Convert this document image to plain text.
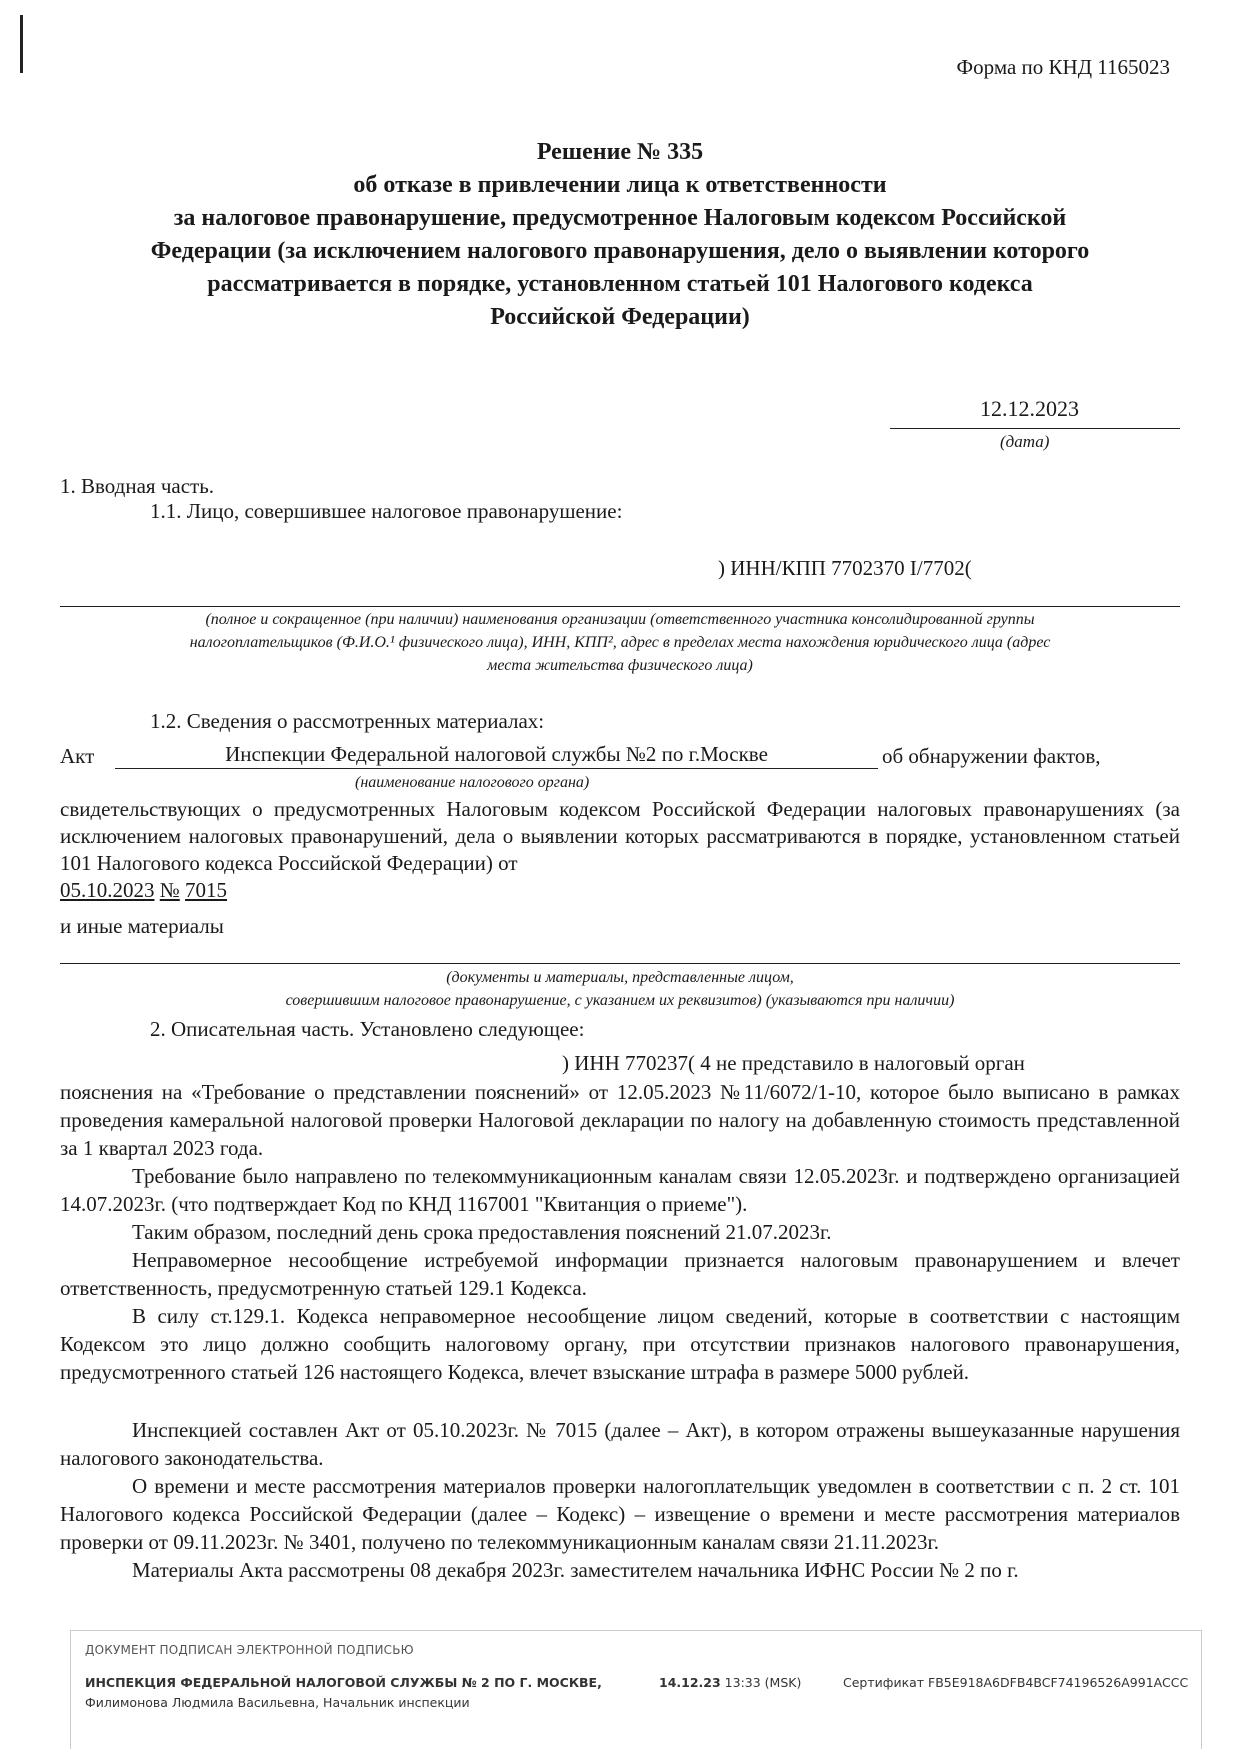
Форма по КНД 1165023
Решение № 335
об отказе в привлечении лица к ответственности
за налоговое правонарушение, предусмотренное Налоговым кодексом Российской
Федерации (за исключением налогового правонарушения, дело о выявлении которого
рассматривается в порядке, установленном статьей 101 Налогового кодекса
Российской Федерации)
12.12.2023
(дата)
1. Вводная часть.
1.1. Лицо, совершившее налоговое правонарушение:
) ИНН/КПП 7702370 I/7702(
(полное и сокращенное (при наличии) наименования организации (ответственного участника консолидированной группы
налогоплательщиков (Ф.И.О.¹ физического лица), ИНН, КПП², адрес в пределах места нахождения юридического лица (адрес
места жительства физического лица)
1.2. Сведения о рассмотренных материалах:
Акт	Инспекции Федеральной налоговой службы №2 по г.Москве	об обнаружении фактов,
(наименование налогового органа)
свидетельствующих о предусмотренных Налоговым кодексом Российской Федерации налоговых правонарушениях (за исключением налоговых правонарушений, дела о выявлении которых рассматриваются в порядке, установленном статьей 101 Налогового кодекса Российской Федерации) от
05.10.2023 № 7015
и иные материалы
(документы и материалы, представленные лицом,
совершившим налоговое правонарушение, с указанием их реквизитов) (указываются при наличии)
2. Описательная часть. Установлено следующее:
) ИНН 770237( 4 не представило в налоговый орган
пояснения на «Требование о представлении пояснений» от 12.05.2023 №11/6072/1-10, которое было выписано в рамках проведения камеральной налоговой проверки Налоговой декларации по налогу на добавленную стоимость представленной за 1 квартал 2023 года.
Требование было направлено по телекоммуникационным каналам связи 12.05.2023г. и подтверждено организацией 14.07.2023г. (что подтверждает Код по КНД 1167001 "Квитанция о приеме").
Таким образом, последний день срока предоставления пояснений 21.07.2023г.
Неправомерное несообщение истребуемой информации признается налоговым правонарушением и влечет ответственность, предусмотренную статьей 129.1 Кодекса.
В силу ст.129.1. Кодекса неправомерное несообщение лицом сведений, которые в соответствии с настоящим Кодексом это лицо должно сообщить налоговому органу, при отсутствии признаков налогового правонарушения, предусмотренного статьей 126 настоящего Кодекса, влечет взыскание штрафа в размере 5000 рублей.
Инспекцией составлен Акт от 05.10.2023г. № 7015 (далее – Акт), в котором отражены вышеуказанные нарушения налогового законодательства.
О времени и месте рассмотрения материалов проверки налогоплательщик уведомлен в соответствии с п. 2 ст. 101 Налогового кодекса Российской Федерации (далее – Кодекс) – извещение о времени и месте рассмотрения материалов проверки от 09.11.2023г. № 3401, получено по телекоммуникационным каналам связи 21.11.2023г.
Материалы Акта рассмотрены 08 декабря 2023г. заместителем начальника ИФНС России № 2 по г.
ДОКУМЕНТ ПОДПИСАН ЭЛЕКТРОННОЙ ПОДПИСЬЮ
ИНСПЕКЦИЯ ФЕДЕРАЛЬНОЙ НАЛОГОВОЙ СЛУЖБЫ № 2 ПО Г. МОСКВЕ,	14.12.23 13:33 (MSK)	Сертификат FB5E918A6DFB4BCF74196526A991ACCC
Филимонова Людмила Васильевна, Начальник инспекции
